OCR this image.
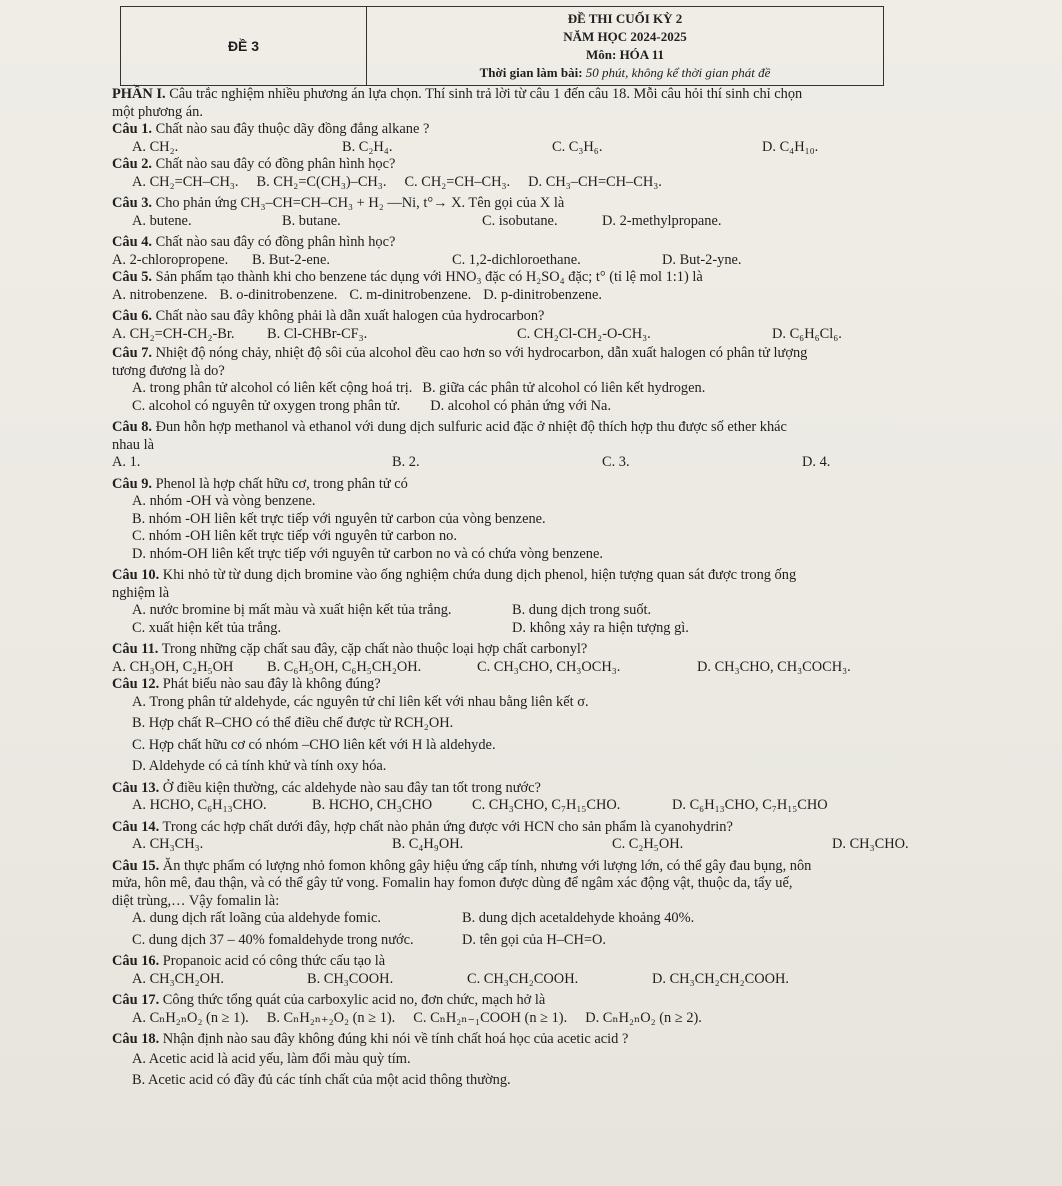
ĐỀ 3
ĐỀ THI CUỐI KỲ 2
NĂM HỌC 2024-2025
Môn: HÓA 11
Thời gian làm bài: 50 phút, không kể thời gian phát đề

PHẦN I. Câu trắc nghiệm nhiều phương án lựa chọn. Thí sinh trả lời từ câu 1 đến câu 18. Mỗi câu hỏi thí sinh chỉ chọn

một phương án.

Câu 1. Chất nào sau đây thuộc dãy đồng đẳng alkane ?

A. CH₂.	B. C₂H₄.	C. C₃H₆.	D. C₄H₁₀.

Câu 2. Chất nào sau đây có đồng phân hình học?

A. CH₂=CH–CH₃. B. CH₂=C(CH₃)–CH₃. C. CH₂=CH–CH₃. D. CH₃–CH=CH–CH₃.

Câu 3. Cho phản ứng CH₃–CH=CH–CH₃ + H₂ —Ni, t°→ X. Tên gọi của X là

A. butene.	B. butane.	C. isobutane.	D. 2-methylpropane.

Câu 4. Chất nào sau đây có đồng phân hình học?

A. 2-chloropropene.	B. But-2-ene.	C. 1,2-dichloroethane.	D. But-2-yne.

Câu 5. Sản phẩm tạo thành khi cho benzene tác dụng với HNO₃ đặc có H₂SO₄ đặc; t° (tỉ lệ mol 1:1) là

A. nitrobenzene. B. o-dinitrobenzene. C. m-dinitrobenzene. D. p-dinitrobenzene.

Câu 6. Chất nào sau đây không phải là dẫn xuất halogen của hydrocarbon?

A. CH₂=CH-CH₂-Br.	B. Cl-CHBr-CF₃.	C. CH₂Cl-CH₂-O-CH₃.	D. C₆H₆Cl₆.

Câu 7. Nhiệt độ nóng chảy, nhiệt độ sôi của alcohol đều cao hơn so với hydrocarbon, dẫn xuất halogen có phân tử lượng

tương đương là do?

A. trong phân tử alcohol có liên kết cộng hoá trị. B. giữa các phân tử alcohol có liên kết hydrogen.
C. alcohol có nguyên tử oxygen trong phân tử. D. alcohol có phản ứng với Na.

Câu 8. Đun hỗn hợp methanol và ethanol với dung dịch sulfuric acid đặc ở nhiệt độ thích hợp thu được số ether khác

nhau là

A. 1.	B. 2.	C. 3.	D. 4.

Câu 9. Phenol là hợp chất hữu cơ, trong phân tử có

A. nhóm -OH và vòng benzene.

B. nhóm -OH liên kết trực tiếp với nguyên tử carbon của vòng benzene.

C. nhóm -OH liên kết trực tiếp với nguyên tử carbon no.

D. nhóm-OH liên kết trực tiếp với nguyên tử carbon no và có chứa vòng benzene.

Câu 10. Khi nhỏ từ từ dung dịch bromine vào ống nghiệm chứa dung dịch phenol, hiện tượng quan sát được trong ống

nghiệm là

A. nước bromine bị mất màu và xuất hiện kết tủa trắng.	B. dung dịch trong suốt.
C. xuất hiện kết tủa trắng.	D. không xảy ra hiện tượng gì.

Câu 11. Trong những cặp chất sau đây, cặp chất nào thuộc loại hợp chất carbonyl?

A. CH₃OH, C₂H₅OH	B. C₆H₅OH, C₆H₅CH₂OH.	C. CH₃CHO, CH₃OCH₃.	D. CH₃CHO, CH₃COCH₃.

Câu 12. Phát biểu nào sau đây là không đúng?

A. Trong phân tử aldehyde, các nguyên tử chỉ liên kết với nhau bằng liên kết σ.

B. Hợp chất R–CHO có thể điều chế được từ RCH₂OH.

C. Hợp chất hữu cơ có nhóm –CHO liên kết với H là aldehyde.

D. Aldehyde có cả tính khử và tính oxy hóa.

Câu 13. Ở điều kiện thường, các aldehyde nào sau đây tan tốt trong nước?

A. HCHO, C₆H₁₃CHO.	B. HCHO, CH₃CHO	C. CH₃CHO, C₇H₁₅CHO.	D. C₆H₁₃CHO, C₇H₁₅CHO

Câu 14. Trong các hợp chất dưới đây, hợp chất nào phản ứng được với HCN cho sản phẩm là cyanohydrin?

A. CH₃CH₃.	B. C₄H₉OH.	C. C₂H₅OH.	D. CH₃CHO.

Câu 15. Ăn thực phẩm có lượng nhỏ fomon không gây hiệu ứng cấp tính, nhưng với lượng lớn, có thể gây đau bụng, nôn

mửa, hôn mê, đau thận, và có thể gây tử vong. Fomalin hay fomon được dùng để ngâm xác động vật, thuộc da, tẩy uế,

diệt trùng,… Vậy fomalin là:

A. dung dịch rất loãng của aldehyde fomic.	B. dung dịch acetaldehyde khoảng 40%.
C. dung dịch 37 – 40% fomaldehyde trong nước.	D. tên gọi của H–CH=O.

Câu 16. Propanoic acid có công thức cấu tạo là

A. CH₃CH₂OH.	B. CH₃COOH.	C. CH₃CH₂COOH.	D. CH₃CH₂CH₂COOH.

Câu 17. Công thức tổng quát của carboxylic acid no, đơn chức, mạch hở là

A. CₙH₂ₙO₂ (n ≥ 1). B. CₙH₂ₙ₊₂O₂ (n ≥ 1). C. CₙH₂ₙ₋₁COOH (n ≥ 1). D. CₙH₂ₙO₂ (n ≥ 2).

Câu 18. Nhận định nào sau đây không đúng khi nói về tính chất hoá học của acetic acid ?

A. Acetic acid là acid yếu, làm đổi màu quỳ tím.

B. Acetic acid có đầy đủ các tính chất của một acid thông thường.
